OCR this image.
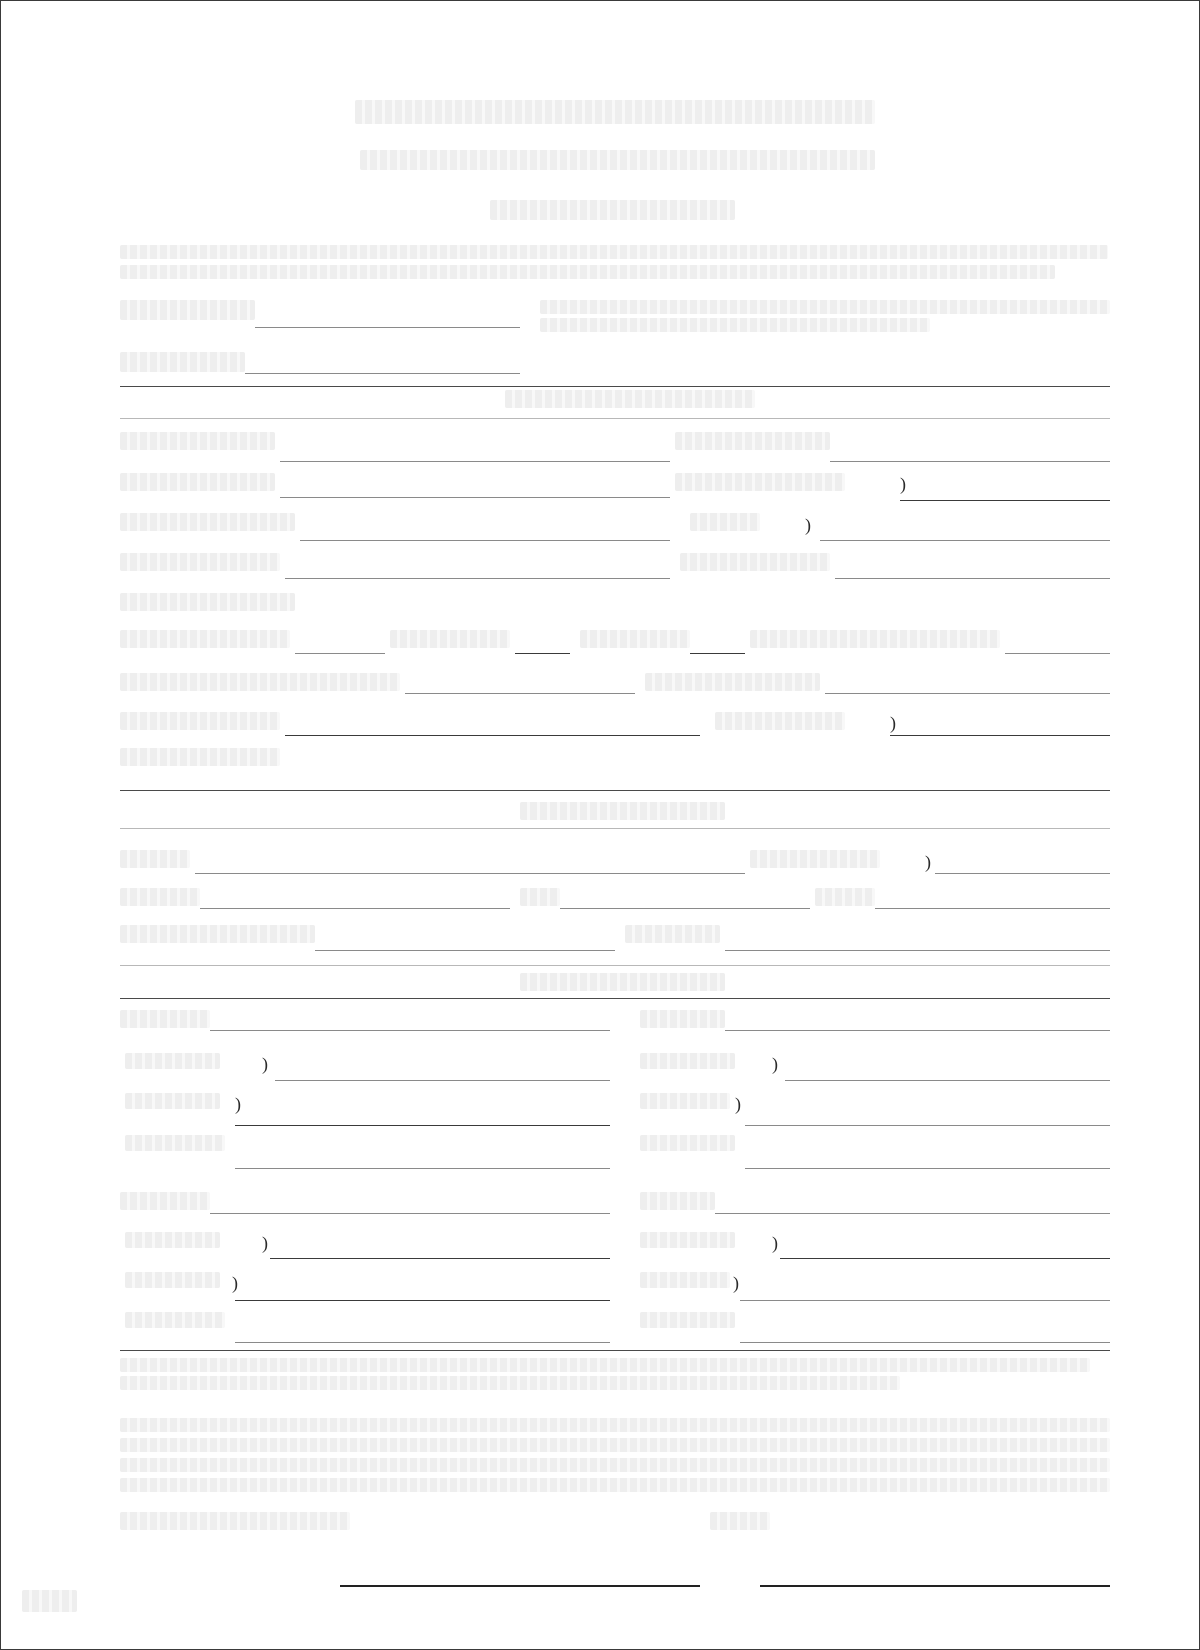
)
)
)
)
)
)
)
)
)
)
)
)
